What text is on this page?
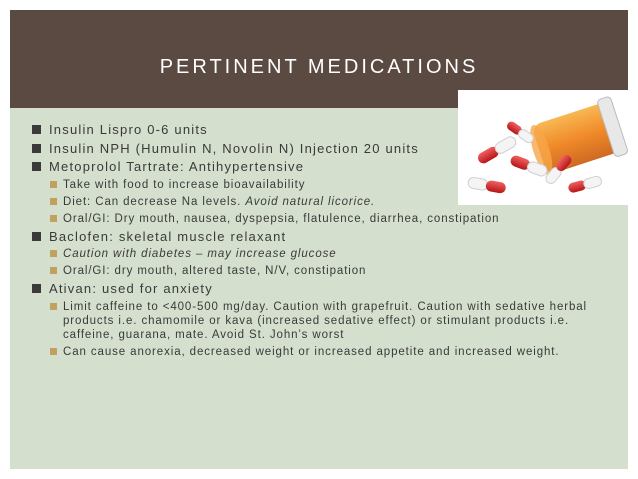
PERTINENT MEDICATIONS
Insulin Lispro 0-6 units
Insulin NPH (Humulin N, Novolin N) Injection 20 units
Metoprolol Tartrate: Antihypertensive
Take with food to increase bioavailability
Diet: Can decrease Na levels. Avoid natural licorice.
Oral/GI: Dry mouth, nausea, dyspepsia, flatulence, diarrhea, constipation
Baclofen: skeletal muscle relaxant
Caution with diabetes – may increase glucose
Oral/GI: dry mouth, altered taste, N/V, constipation
Ativan: used for anxiety
Limit caffeine to <400-500 mg/day. Caution with grapefruit. Caution with sedative herbal products i.e. chamomile or kava (increased sedative effect) or stimulant products i.e. caffeine, guarana, mate. Avoid St. John’s worst
Can cause anorexia, decreased weight or increased appetite and increased weight.
